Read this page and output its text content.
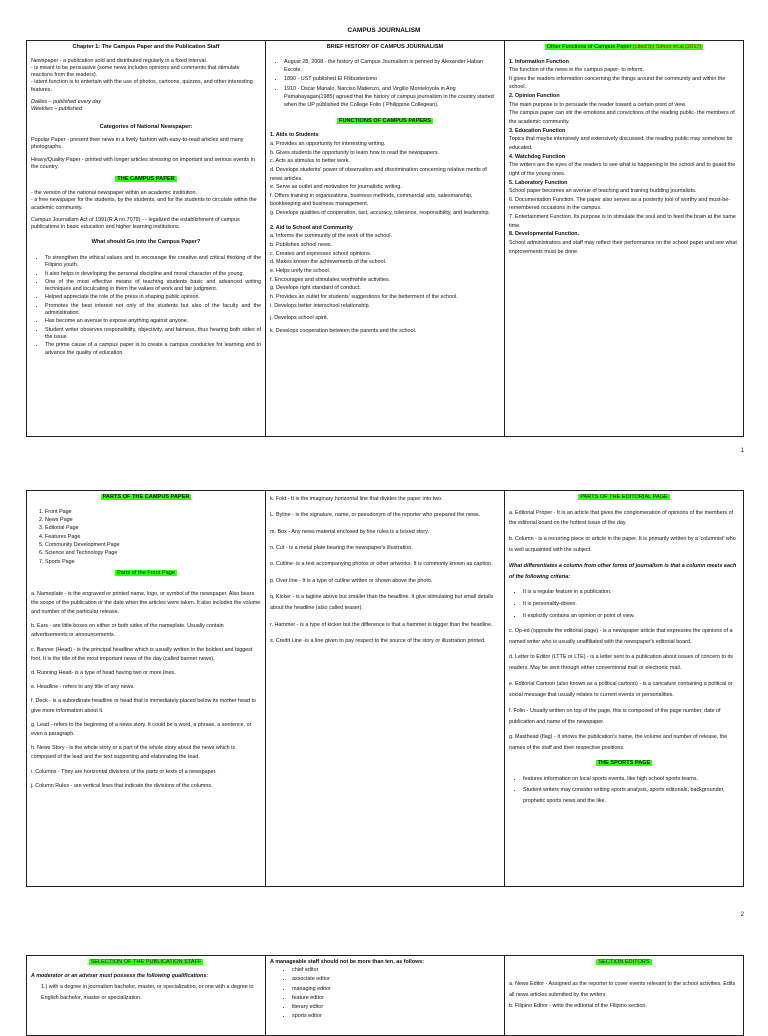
CAMPUS JOURNALISM
Chapter 1: The Campus Paper and the Publication Staff

Newspaper - a publication sold and distributed regularly in a fixed interval.

- is meant to be persuasive (some news includes opinions and comments that stimulate reactions from the readers).

- latent function is to entertain with the use of photos, cartoons, quizzes, and other interesting features.

Dailies – published every day

Weeklies – published

Categories of National Newspaper:

Popular Paper - present their news in a lively fashion with easy-to-read articles and many photographs.

Heavy/Quality Paper - printed with longer articles stressing on important and serious events in the country.

THE CAMPUS PAPER

- the version of the national newspaper within an academic institution.

- a free newspaper for the students, by the students, and for the students to circulate within the academic community.

Campus Journalism Act of 1991(R.A no.7079) - - legalized the establishment of campus publications in basic education and higher learning institutions.

What should Go into the Campus Paper?
• To strengthen the ethical values and to encourage the creative and critical thinking of the Filipino youth.
• It also helps in developing the personal discipline and moral character of the young.
• One of the most effective means of teaching students basic and advanced writing techniques and inculcating in them the values of work and fair judgment.
• Helped appreciate the role of the press in shaping public opinion.
• Promotes the best interest not only of the students but also of the faculty and the administration.
• Has become an avenue to expose anything against anyone.
• Student writer observes responsibility, objectivity, and fairness, thus hearing both sides of the issue.
• The prime cause of a campus paper is to create a campus conducive for learning and to advance the quality of education.

BRIEF HISTORY OF CAMPUS JOURNALISM
• August 28, 2008 - the history of Campus Journalism is penned by Alexander Haban Escote.
• 1890 - UST published El Filibusterismo
• 1910 - Oscar Manalo, Narciso Matienzo, and Virgilio Monteloyola in Ang Pamahayagan(1985) agrued that the history of campus journalism in the country started when the UP published the College Folio ( Philippine Collegean).
FUNCTIONS OF CAMPUS PAPERS
1. Aids to Students
a. Provides an opportunity for interesting writing.
b. Gives students the opportunity to learn how to read the newspapers.
c. Acts as stimulus to better work.
d. Develops students' power of observation and discrimination concerning relative merits of news articles.
e. Serve as outlet and motivation for journalistic writing.
f. Offers training in organizations, business methods, commercial arts, salesmanship, bookkeeping and business management.
g. Develops qualities of cooperation, tact, accuracy, tolerance, responsibility, and leadership.
2. Aid to School and Community
a. Informs the community of the work of the school.
b. Publishes school news.
c. Creates and expresses school opinions.
d. Makes known the achievements of the school.
e. Helps unify the school.
f. Encourages and stimulates worthwhile activities.
g. Develops right standard of conduct.
h. Provides an outlet for students' suggestions for the betterment of the school.
i. Develops better interschool relationship.
j. Develops school spirit.
k. Develops cooperation between the parents and the school.

Other Functions of Campus Paper (cited by Simon et.al (2017)
1. Information Function
The function of the news in the campus paper- to inform.
It gives the readers information concerning the things around the community and within the school.
2. Opinion Function
The main purpose is to persuade the reader toward a certain point of view.
The campus paper can stir the emotions and convictions of the reading public- the members of the academic community.
3. Education Function
Topics that maybe intensively and extensively discussed, the reading public may somehow be educated.
4. Watchdog Function
The writers are the eyes of the readers to see what is happening in the school and to guard the right of the young ones.
5. Laboratory Function
School paper becomes an avenue of teaching and training budding journalists.
6. Documentation Function. The paper also serves as a posterity tool of worthy and must-be-remembered occasions in the campus.
7. Entertainment Function. Its purpose is to stimulate the soul and to feed the brain at the same time.
8. Developmental Function.
School administrators and staff may reflect their performance on the school paper and see what improvements must be done.
1
PARTS OF THE CAMPUS PAPER
1. Front Page
2. News Page
3. Editorial Page
4. Features Page
5. Community Development Page
6. Science and Technology Page
7. Sports Page
Parts of the Front Page

a. Nameplate - is the engraved or printed name, logo, or symbol of the newspaper. Also bears the scope of the publication or the date when the articles were taken. It also includes the volume and number of the particular release.

b. Ears - are little boxes on either or both sides of the nameplate. Usually contain advertisements or announcements.

c. Banner (Head) - is the principal headline which is usually written in the boldest and biggest font. It is the title of the most important news of the day (called banner news).

d. Running Head- is a type of head having two or more lines.

e. Headline - refers to any title of any news.

f. Deck - is a subordinate headline or head that is immediately placed below its mother head to give more information about it.

g. Lead - refers to the beginning of a news story. It could be a word, a phrase, a sentence, or even a paragraph.

h. News Story - is the whole story or a part of the whole story about the news which is composed of the lead and the text supporting and elaborating the lead.

i. Columns - They are horizontal divisions of the parts or texts of a newspaper.

j. Column Rules - are vertical lines that indicate the divisions of the columns.

k. Fold - It is the imaginary horizontal line that divides the paper into two.

L. Byline - is the signature, name, or pseudonym of the reporter who prepared the news.

m. Box - Any news material enclosed by line rules is a boxed story.

n. Cut - is a metal plate bearing the newspaper's illustration.

o. Cutline- is a text accompanying photos or other artworks. It is commonly known as caption.

p. Over line - It is a type of cutline written or shown above the photo.

q. Kicker - is a tagline above but smaller than the headline. It give stimulating but small details about the headline (also called teaser).

r. Hammer - is a type of kicker but the difference is that a hammer is bigger than the headline.

s. Credit Line -is a line given to pay respect to the source of the story or illustration printed.

PARTS OF THE EDITORIAL PAGE

a. Editorial Proper - It is an article that gives the conglomeration of opinions of the members of the editorial board on the hottest issue of the day.

b. Column - is a recurring piece or article in the paper. It is primarily written by a 'columnist' who is well acquainted with the subject.

What differentiates a column from other forms of journalism is that a column meets each of the following criteria:

• It is a regular feature in a publication.
• It is personality-driven.
• It explicitly contains an opinion or point of view.

c. Op-ed (opposite the editorial page) - is a newspaper article that expresses the opinions of a named writer who is usually unaffiliated with the newspaper's editorial board.

d. Letter to Editor (LTTE or LTE) - is a letter sent to a publication about issues of concern to its readers. May be sent through either conventional mail or electronic mail.

e. Editorial Cartoon (also known as a political cartoon) - is a caricature containing a political or social message that usually relates to current events or personalities.

f. Folio - Usually written on top of the page, this is composed of the page number, date of publication and name of the newspaper.

g. Masthead (flag) - It shows the publication's name, the volume and number of release, the names of the staff and their respective positions.

THE SPORTS PAGE
• features information on local sports events, like high school sports teams.
• Student writers may consider writing sports analysis, sports editorials, backgrounder, prophetic sports news and the like.
2
SELECTION OF THE PUBLICATION STAFF

A moderator or an adviser must possess the following qualifications:

1.) with a degree in journalism bachelor, master, or specialization, or one with a degree in English bachelor, master or specialization.

A manageable staff should not be more than ten, as follows:
• chief editor
• associate editor
• managing editor
• feature editor
• literary editor
• sports editor

SECTION EDITORS

a. News Editor - Assigned as the reporter to cover events relevant to the school activities. Edits all news articles submitted by the writers

b. Filipino Editor - write the editorial of the Filipino section.
